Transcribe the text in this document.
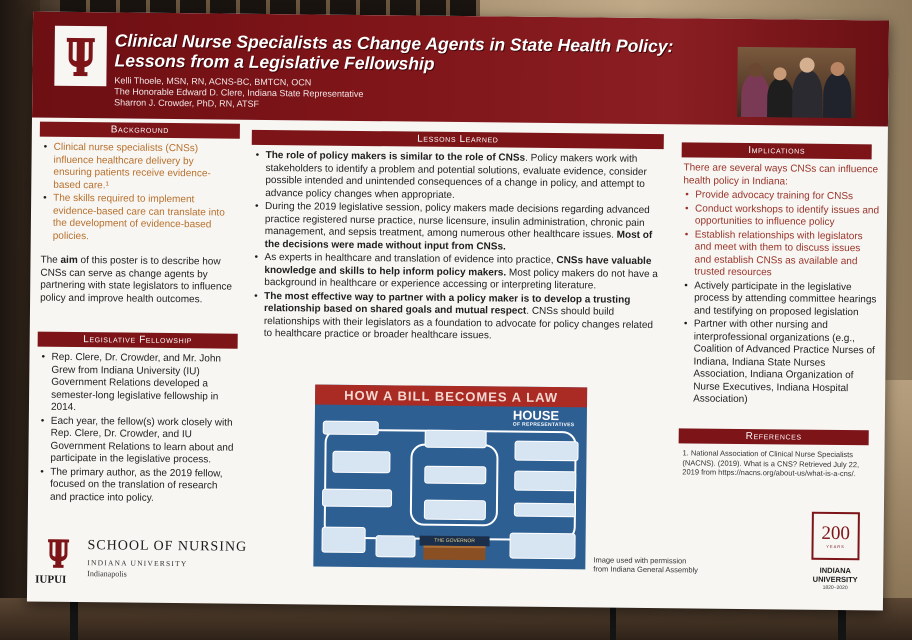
Clinical Nurse Specialists as Change Agents in State Health Policy: Lessons from a Legislative Fellowship
Kelli Thoele, MSN, RN, ACNS-BC, BMTCN, OCN
The Honorable Edward D. Clere, Indiana State Representative
Sharron J. Crowder, PhD, RN, ATSF
Background
• Clinical nurse specialists (CNSs) influence healthcare delivery by ensuring patients receive evidence-based care.¹
• The skills required to implement evidence-based care can translate into the development of evidence-based policies.

The aim of this poster is to describe how CNSs can serve as change agents by partnering with state legislators to influence policy and improve health outcomes.

Legislative Fellowship
• Rep. Clere, Dr. Crowder, and Mr. John Grew from Indiana University (IU) Government Relations developed a semester-long legislative fellowship in 2014.
• Each year, the fellow(s) work closely with Rep. Clere, Dr. Crowder, and IU Government Relations to learn about and participate in the legislative process.
• The primary author, as the 2019 fellow, focused on the translation of research and practice into policy.
Lessons Learned
• The role of policy makers is similar to the role of CNSs. Policy makers work with stakeholders to identify a problem and potential solutions, evaluate evidence, consider possible intended and unintended consequences of a change in policy, and attempt to advance policy changes when appropriate.
• During the 2019 legislative session, policy makers made decisions regarding advanced practice registered nurse practice, nurse licensure, insulin administration, chronic pain management, and sepsis treatment, among numerous other healthcare issues. Most of the decisions were made without input from CNSs.
• As experts in healthcare and translation of evidence into practice, CNSs have valuable knowledge and skills to help inform policy makers. Most policy makers do not have a background in healthcare or experience accessing or interpreting literature.
• The most effective way to partner with a policy maker is to develop a trusting relationship based on shared goals and mutual respect. CNSs should build relationships with their legislators as a foundation to advocate for policy changes related to healthcare practice or broader healthcare issues.
HOW A BILL BECOMES A LAW
HOUSE
OF REPRESENTATIVES
THE GOVERNOR
Image used with permission
from Indiana General Assembly
Implications

There are several ways CNSs can influence health policy in Indiana:

• Provide advocacy training for CNSs
• Conduct workshops to identify issues and opportunities to influence policy
• Establish relationships with legislators and meet with them to discuss issues and establish CNSs as available and trusted resources
• Actively participate in the legislative process by attending committee hearings and testifying on proposed legislation
• Partner with other nursing and interprofessional organizations (e.g., Coalition of Advanced Practice Nurses of Indiana, Indiana State Nurses Association, Indiana Organization of Nurse Executives, Indiana Hospital Association)
References

1. National Association of Clinical Nurse Specialists (NACNS). (2019). What is a CNS? Retrieved July 22, 2019 from https://nacns.org/about-us/what-is-a-cns/.

SCHOOL OF NURSING
INDIANA UNIVERSITY
Indianapolis
IUPUI
200
YEARS
INDIANA UNIVERSITY
1820–2020
